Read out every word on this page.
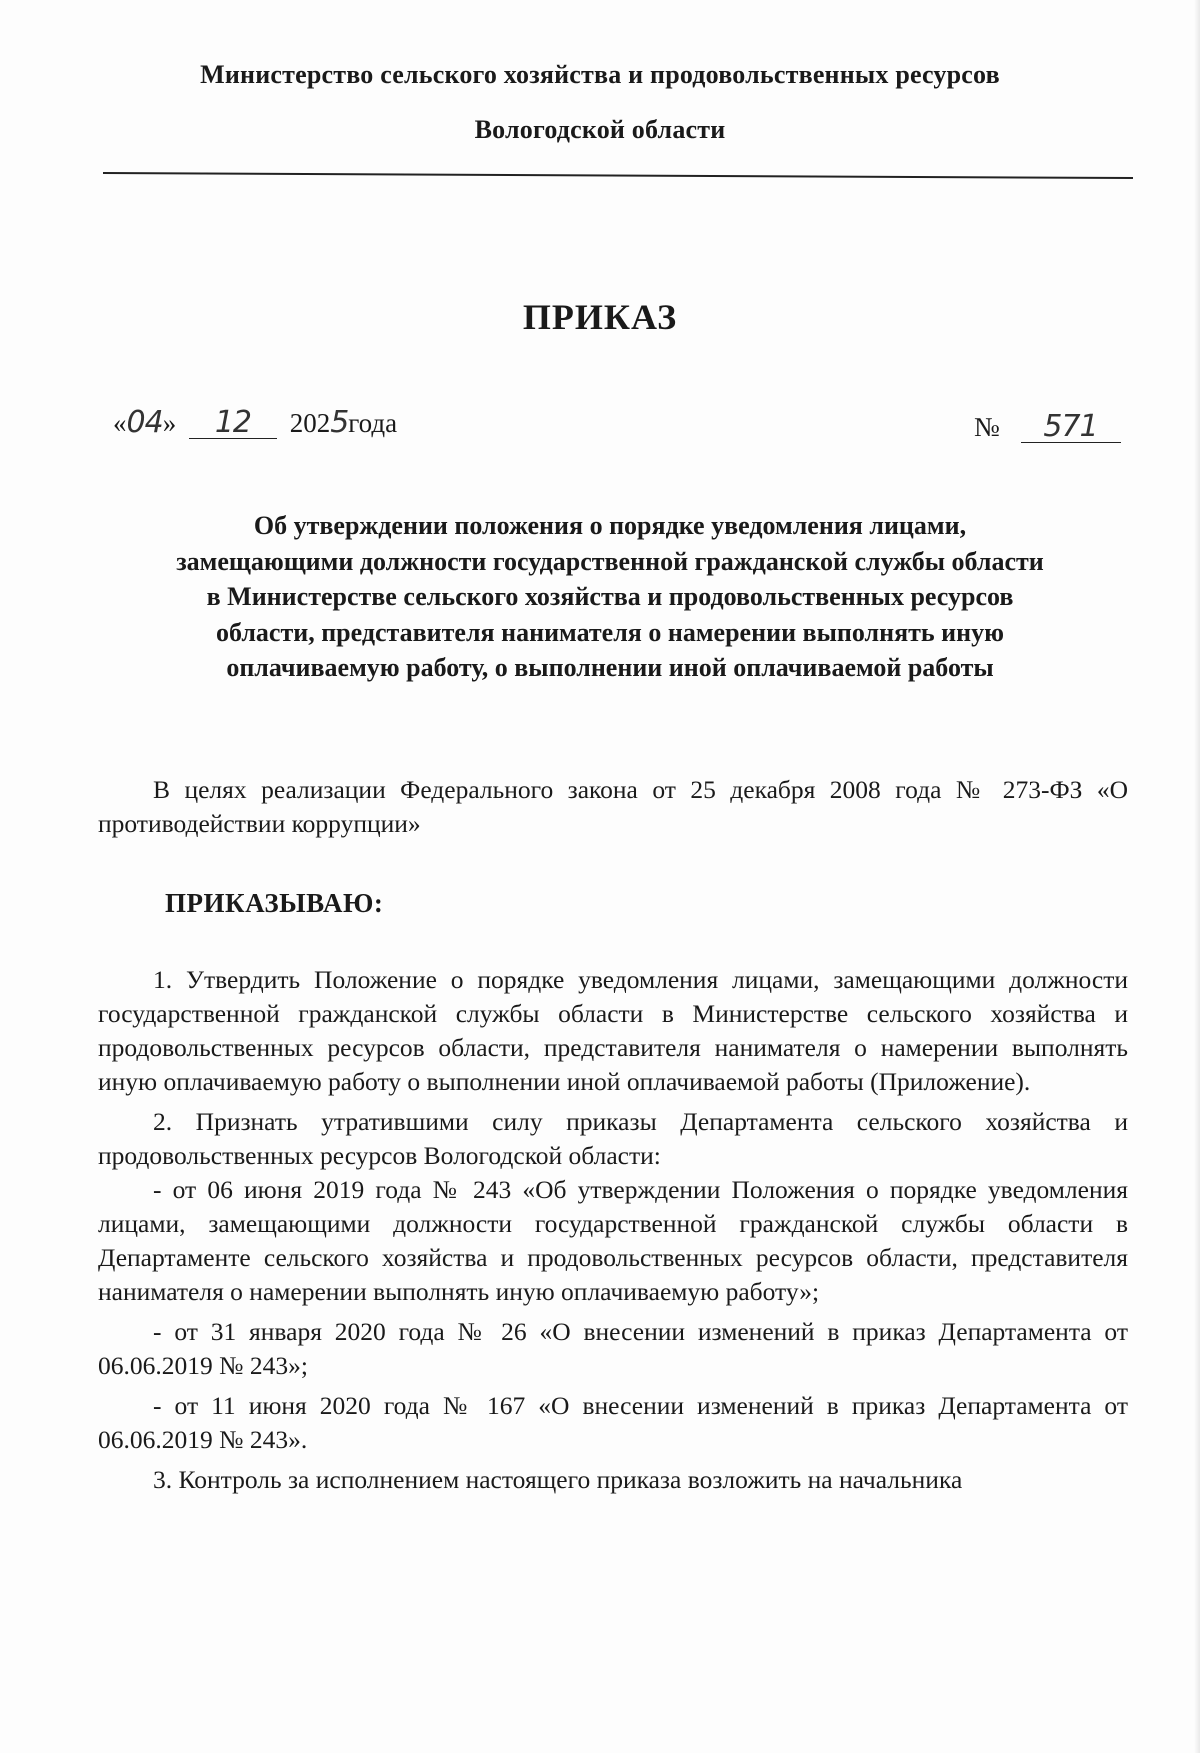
Министерство сельского хозяйства и продовольственных ресурсов
Вологодской области
ПРИКАЗ
«04» 12 2025года	№ 571
Об утверждении положения о порядке уведомления лицами,
замещающими должности государственной гражданской службы области
в Министерстве сельского хозяйства и продовольственных ресурсов
области, представителя нанимателя о намерении выполнять иную
оплачиваемую работу, о выполнении иной оплачиваемой работы

В целях реализации Федерального закона от 25 декабря 2008 года № 273-ФЗ «О противодействии коррупции»

ПРИКАЗЫВАЮ:

1. Утвердить Положение о порядке уведомления лицами, замещающими должности государственной гражданской службы области в Министерстве сельского хозяйства и продовольственных ресурсов области, представителя нанимателя о намерении выполнять иную оплачиваемую работу о выполнении иной оплачиваемой работы (Приложение).

2. Признать утратившими силу приказы Департамента сельского хозяйства и продовольственных ресурсов Вологодской области:

- от 06 июня 2019 года № 243 «Об утверждении Положения о порядке уведомления лицами, замещающими должности государственной гражданской службы области в Департаменте сельского хозяйства и продовольственных ресурсов области, представителя нанимателя о намерении выполнять иную оплачиваемую работу»;

- от 31 января 2020 года № 26 «О внесении изменений в приказ Департамента от 06.06.2019 № 243»;

- от 11 июня 2020 года № 167 «О внесении изменений в приказ Департамента от 06.06.2019 № 243».

3. Контроль за исполнением настоящего приказа возложить на начальника
